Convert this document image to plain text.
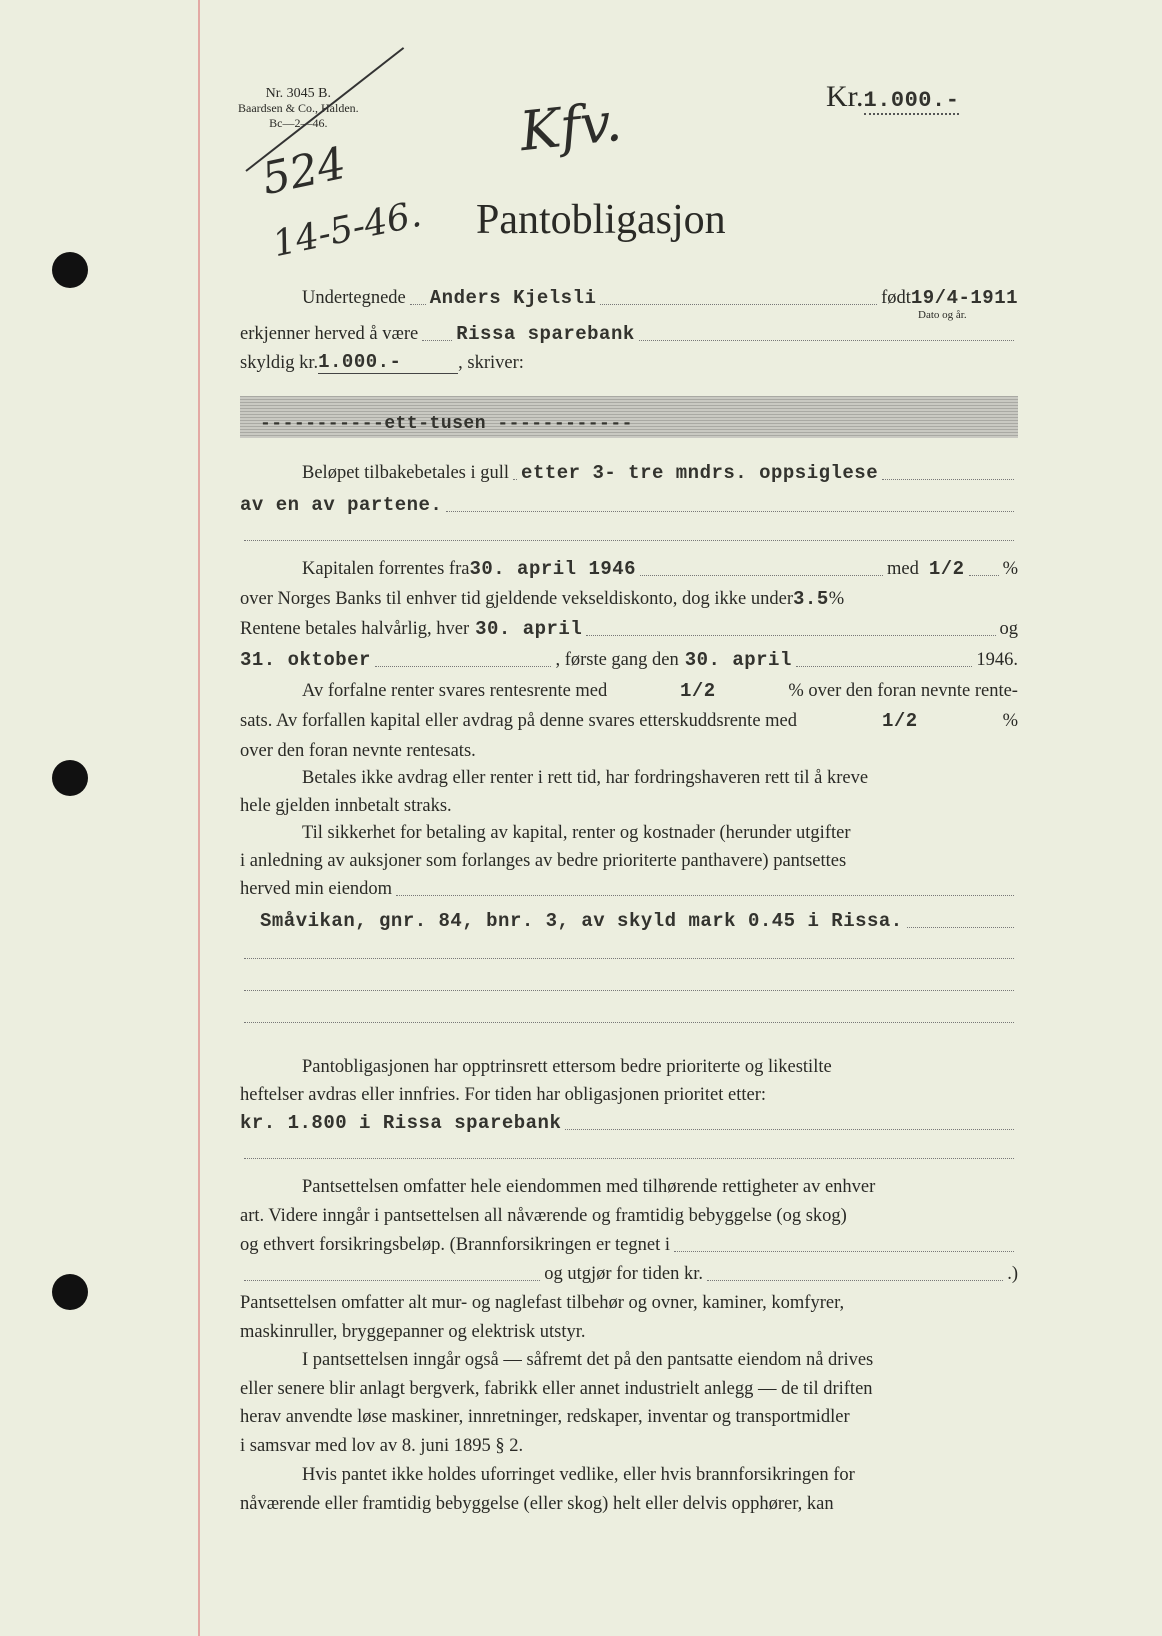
Nr. 3045 B.
Baardsen & Co., Halden.
Bc—2—46.
Kr.1.000.-
524
14-5-46.
Kfv.
Pantobligasjon
Undertegnede Anders Kjelsli	født 19/4-1911
Dato og år.
erkjenner herved å være Rissa sparebank
skyldig kr. 1.000.-	, skriver:
-----------ett-tusen ------------
Beløpet tilbakebetales i gull etter 3- tre mndrs. oppsiglese
av en av partene.
Kapitalen forrentes fra 30. april 1946	med 1/2 %
over Norges Banks til enhver tid gjeldende vekseldiskonto, dog ikke under 3.5 %
Rentene betales halvårlig, hver 30. april	og
31. oktober	, første gang den 30. april	1946.
Av forfalne renter svares rentesrente med	1/2	% over den foran nevnte rente-
sats. Av forfallen kapital eller avdrag på denne svares etterskuddsrente med	1/2	%
over den foran nevnte rentesats.
Betales ikke avdrag eller renter i rett tid, har fordringshaveren rett til å kreve
hele gjelden innbetalt straks.
Til sikkerhet for betaling av kapital, renter og kostnader (herunder utgifter
i anledning av auksjoner som forlanges av bedre prioriterte panthavere) pantsettes
herved min eiendom
Småvikan, gnr. 84, bnr. 3, av skyld mark 0.45 i Rissa.
Pantobligasjonen har opptrinsrett ettersom bedre prioriterte og likestilte
heftelser avdras eller innfries. For tiden har obligasjonen prioritet etter:
kr. 1.800 i Rissa sparebank
Pantsettelsen omfatter hele eiendommen med tilhørende rettigheter av enhver
art. Videre inngår i pantsettelsen all nåværende og framtidig bebyggelse (og skog)
og ethvert forsikringsbeløp. (Brannforsikringen er tegnet i
og utgjør for tiden kr.	.)
Pantsettelsen omfatter alt mur- og naglefast tilbehør og ovner, kaminer, komfyrer,
maskinruller, bryggepanner og elektrisk utstyr.
I pantsettelsen inngår også — såfremt det på den pantsatte eiendom nå drives
eller senere blir anlagt bergverk, fabrikk eller annet industrielt anlegg — de til driften
herav anvendte løse maskiner, innretninger, redskaper, inventar og transportmidler
i samsvar med lov av 8. juni 1895 § 2.
Hvis pantet ikke holdes uforringet vedlike, eller hvis brannforsikringen for
nåværende eller framtidig bebyggelse (eller skog) helt eller delvis opphører, kan
